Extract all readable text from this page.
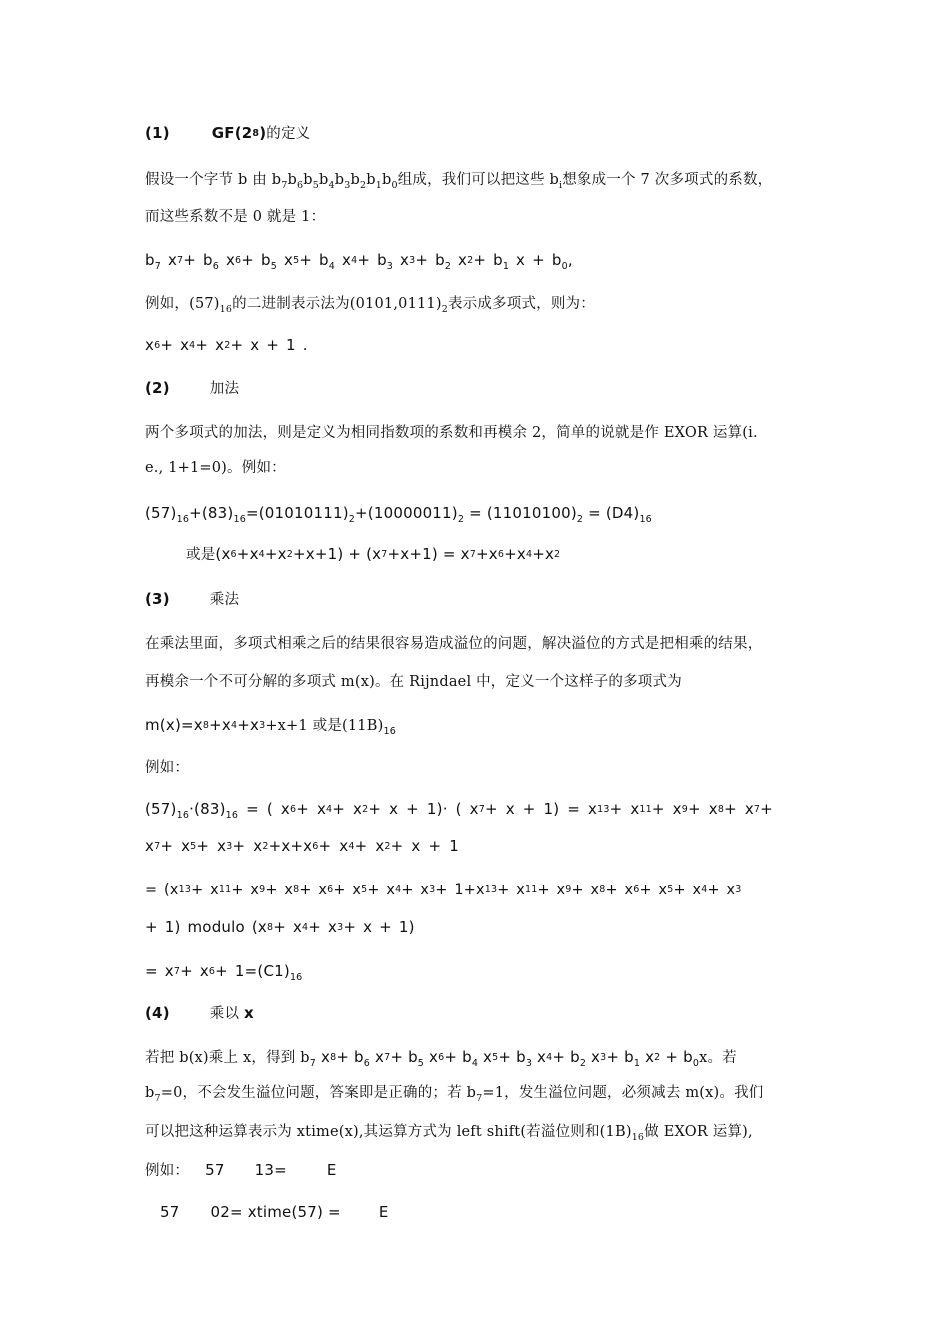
(1)	$GF(2^8)$的定义
假设一个字节 b 由 $b_7b_6b_5b_4b_3b_2b_1b_0$组成，我们可以把这些 $b_i$想象成一个 7 次多项式的系数，
而这些系数不是 0 就是 1：
$b_7$ $x^7+ b_6$ $x^6+ b_5$ $x^5+ b_4$ $x^4+ b_3$ $x^3+ b_2$ $x^2+ b_1$ $x + b_0$,
例如，$(57)_{16}$的二进制表示法为$(0101,0111)_2$表示成多项式，则为：
$x^6+ x^4+ x^2+ x + 1$ .
(2)	加法
两个多项式的加法，则是定义为相同指数项的系数和再模余 2，简单的说就是作 EXOR 运算(i.
e., 1+1=0)。例如：
$(57)_{16}+(83)_{16}=(01010111)_2+(10000011)_2 = (11010100)_2 = (D4)_{16}$
或是$(x^6+x^4+x^2+x+1) + (x^7+x+1) = x^7+x^6+x^4+x^2$
(3)	乘法
在乘法里面，多项式相乘之后的结果很容易造成溢位的问题，解决溢位的方式是把相乘的结果，
再模余一个不可分解的多项式 m(x)。在 Rijndael 中，定义一个这样子的多项式为
$m(x)=x^8+x^4+x^3+x+1$ 或是$(11B)_{16}$
例如：
$(57)_{16}\cdot(83)_{16}$ = ( $x^6+ x^4+ x^2+ x + 1)\cdot$ ( $x^7+ x + 1) = x^{13}+ x^{11}+ x^9+ x^8+ x^7+$
$x^7+ x^5+ x^3+ x^2+x+x^6+ x^4+ x^2+ x + 1$
= ($x^{13}+ x^{11}+ x^9+ x^8+ x^6+ x^5+ x^4+ x^3+ 1+x^{13}+ x^{11}+ x^9+ x^8+ x^6+ x^5+ x^4+ x^3$
+ 1) modulo $(x^8+ x^4+ x^3+ x + 1)$
= $x^7+ x^6+ 1=(C1)_{16}$
(4)	乘以 x
若把 b(x)乘上 x，得到 $b_7$ $x^8+ b_6$ $x^7+ b_5$ $x^6+ b_4$ $x^5+ b_3$ $x^4+ b_2$ $x^3+ b_1$ $x^2 + b_0x$。若
$b_7=0$，不会发生溢位问题，答案即是正确的；若 $b_7=1$，发生溢位问题，必须减去 m(x)。我们
可以把这种运算表示为 xtime(x),其运算方式为 left shift(若溢位则和$(1B)_{16}$做 EXOR 运算),
例如： 57 13=	E
57 02= xtime(57) =	E
